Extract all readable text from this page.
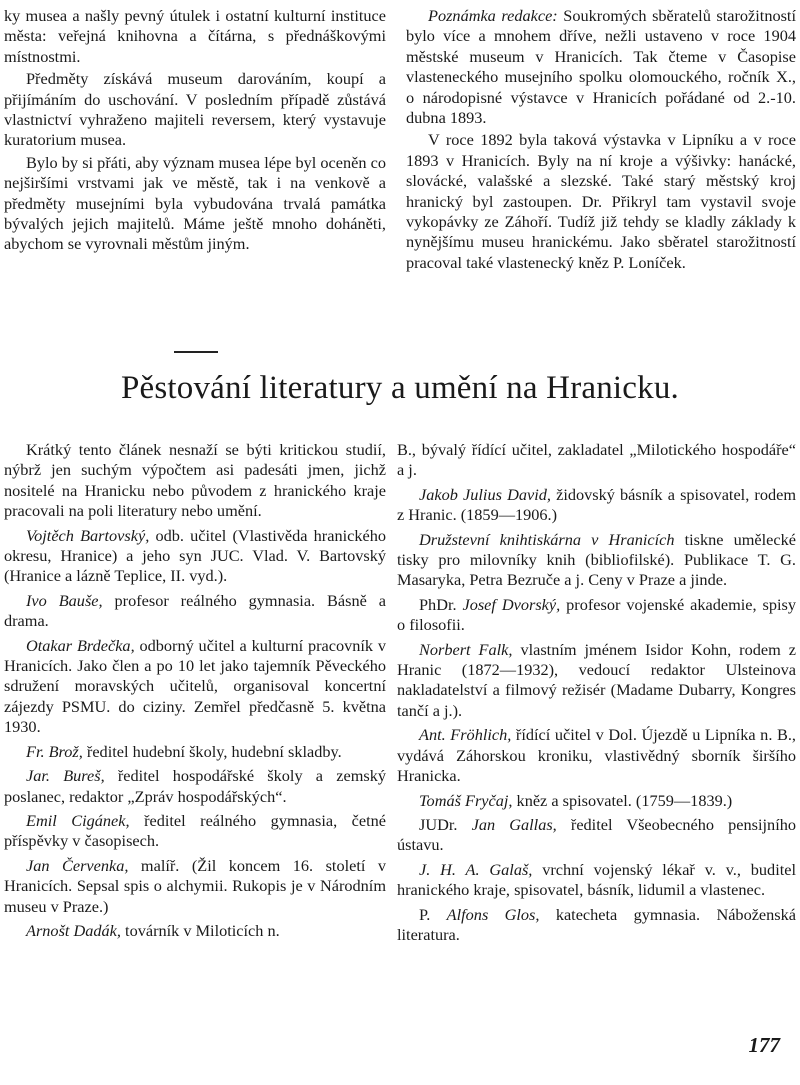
ky musea a našly pevný útulek i ostatní kulturní instituce města: veřejná knihovna a čítárna, s přednáškovými místnostmi.

Předměty získává museum darováním, koupí a přijímáním do uschování. V posledním případě zůstává vlastnictví vyhraženo majiteli reversem, který vystavuje kuratorium musea.

Bylo by si přáti, aby význam musea lépe byl oceněn co nejširšími vrstvami jak ve městě, tak i na venkově a předměty musejními byla vybudována trvalá památka bývalých jejich majitelů. Máme ještě mnoho doháněti, abychom se vyrovnali městům jiným.

Poznámka redakce: Soukromých sběratelů starožitností bylo více a mnohem dříve, nežli ustaveno v roce 1904 městské museum v Hranicích. Tak čteme v Časopise vlasteneckého musejního spolku olomouckého, ročník X., o národopisné výstavce v Hranicích pořádané od 2.-10. dubna 1893.

V roce 1892 byla taková výstavka v Lipníku a v roce 1893 v Hranicích. Byly na ní kroje a výšivky: hanácké, slovácké, valašské a slezské. Také starý městský kroj hranický byl zastoupen. Dr. Přikryl tam vystavil svoje vykopávky ze Záhoří. Tudíž již tehdy se kladly základy k nynějšímu museu hranickému. Jako sběratel starožitností pracoval také vlastenecký kněz P. Loníček.

Pěstování literatury a umění na Hranicku.

Krátký tento článek nesnaží se býti kritickou studií, nýbrž jen suchým výpočtem asi padesáti jmen, jichž nositelé na Hranicku nebo původem z hranického kraje pracovali na poli literatury nebo umění.

Vojtěch Bartovský, odb. učitel (Vlastivěda hranického okresu, Hranice) a jeho syn JUC. Vlad. V. Bartovský (Hranice a lázně Teplice, II. vyd.).

Ivo Bauše, profesor reálného gymnasia. Básně a drama.

Otakar Brdečka, odborný učitel a kulturní pracovník v Hranicích. Jako člen a po 10 let jako tajemník Pěveckého sdružení moravských učitelů, organisoval koncertní zájezdy PSMU. do ciziny. Zemřel předčasně 5. května 1930.

Fr. Brož, ředitel hudební školy, hudební skladby.

Jar. Bureš, ředitel hospodářské školy a zemský poslanec, redaktor „Zpráv hospodářských“.

Emil Cigánek, ředitel reálného gymnasia, četné příspěvky v časopisech.

Jan Červenka, malíř. (Žil koncem 16. století v Hranicích. Sepsal spis o alchymii. Rukopis je v Národním museu v Praze.)

Arnošt Dadák, továrník v Miloticích n.

B., bývalý řídící učitel, zakladatel „Milotického hospodáře“ a j.

Jakob Julius David, židovský básník a spisovatel, rodem z Hranic. (1859—1906.)

Družstevní knihtiskárna v Hranicích tiskne umělecké tisky pro milovníky knih (bibliofilské). Publikace T. G. Masaryka, Petra Bezruče a j. Ceny v Praze a jinde.

PhDr. Josef Dvorský, profesor vojenské akademie, spisy o filosofii.

Norbert Falk, vlastním jménem Isidor Kohn, rodem z Hranic (1872—1932), vedoucí redaktor Ulsteinova nakladatelství a filmový režisér (Madame Dubarry, Kongres tančí a j.).

Ant. Fröhlich, řídící učitel v Dol. Újezdě u Lipníka n. B., vydává Záhorskou kroniku, vlastivědný sborník širšího Hranicka.

Tomáš Fryčaj, kněz a spisovatel. (1759—1839.)

JUDr. Jan Gallas, ředitel Všeobecného pensijního ústavu.

J. H. A. Galaš, vrchní vojenský lékař v. v., buditel hranického kraje, spisovatel, básník, lidumil a vlastenec.

P. Alfons Glos, katecheta gymnasia. Náboženská literatura.

177
